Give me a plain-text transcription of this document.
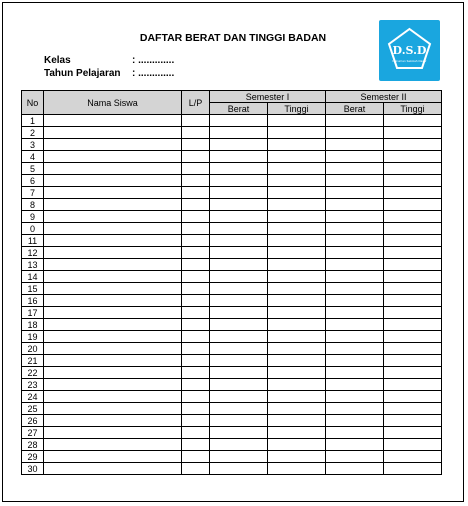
DAFTAR BERAT DAN TINGGI BADAN
Kelas	: .............
Tahun Pelajaran : .............
D.S.D
Dokumen Sekolah Dasar
No	Nama Siswa	L/P	Semester I		Semester II	
			Berat	Tinggi	Berat	Tinggi
1						
2						
3						
4						
5						
6						
7						
8						
9						
0						
11						
12						
13						
14						
15						
16						
17						
18						
19						
20						
21						
22						
23						
24						
25						
26						
27						
28						
29						
30						
